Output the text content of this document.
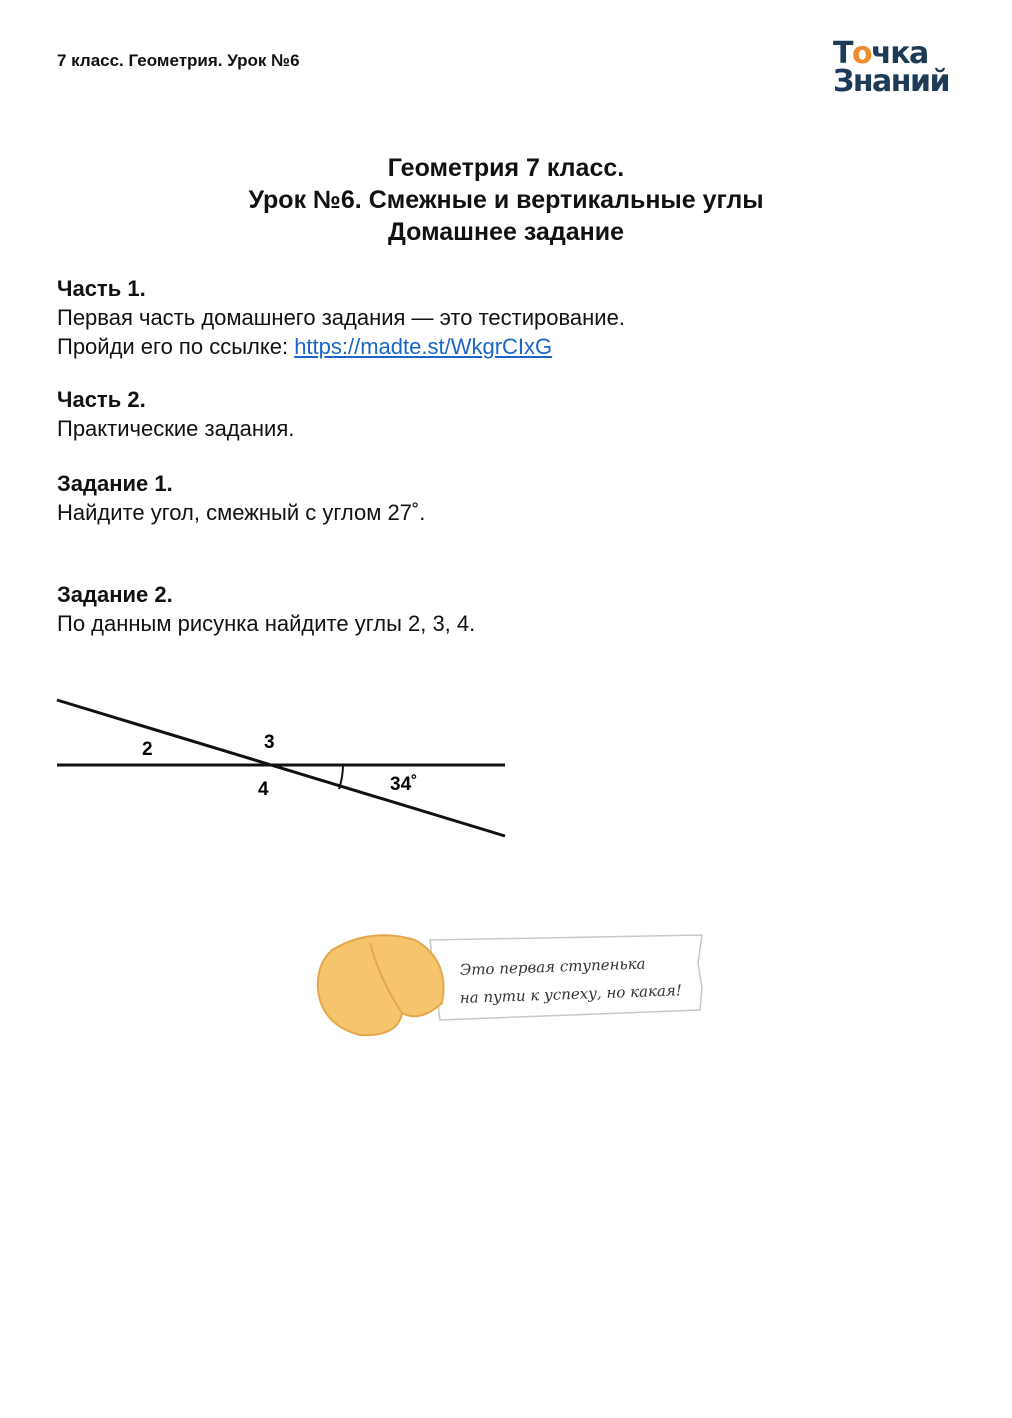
7 класс. Геометрия. Урок №6	Точка
Знаний
Геометрия 7 класс.
Урок №6. Смежные и вертикальные углы
Домашнее задание
Часть 1.
Первая часть домашнего задания — это тестирование.
Пройди его по ссылке: https://madte.st/WkgrCIxG
Часть 2.
Практические задания.
Задание 1.
Найдите угол, смежный с углом 27˚.
Задание 2.
По данным рисунка найдите углы 2, 3, 4.
2	3
4	34˚
Это первая ступенька
на пути к успеху, но какая!
